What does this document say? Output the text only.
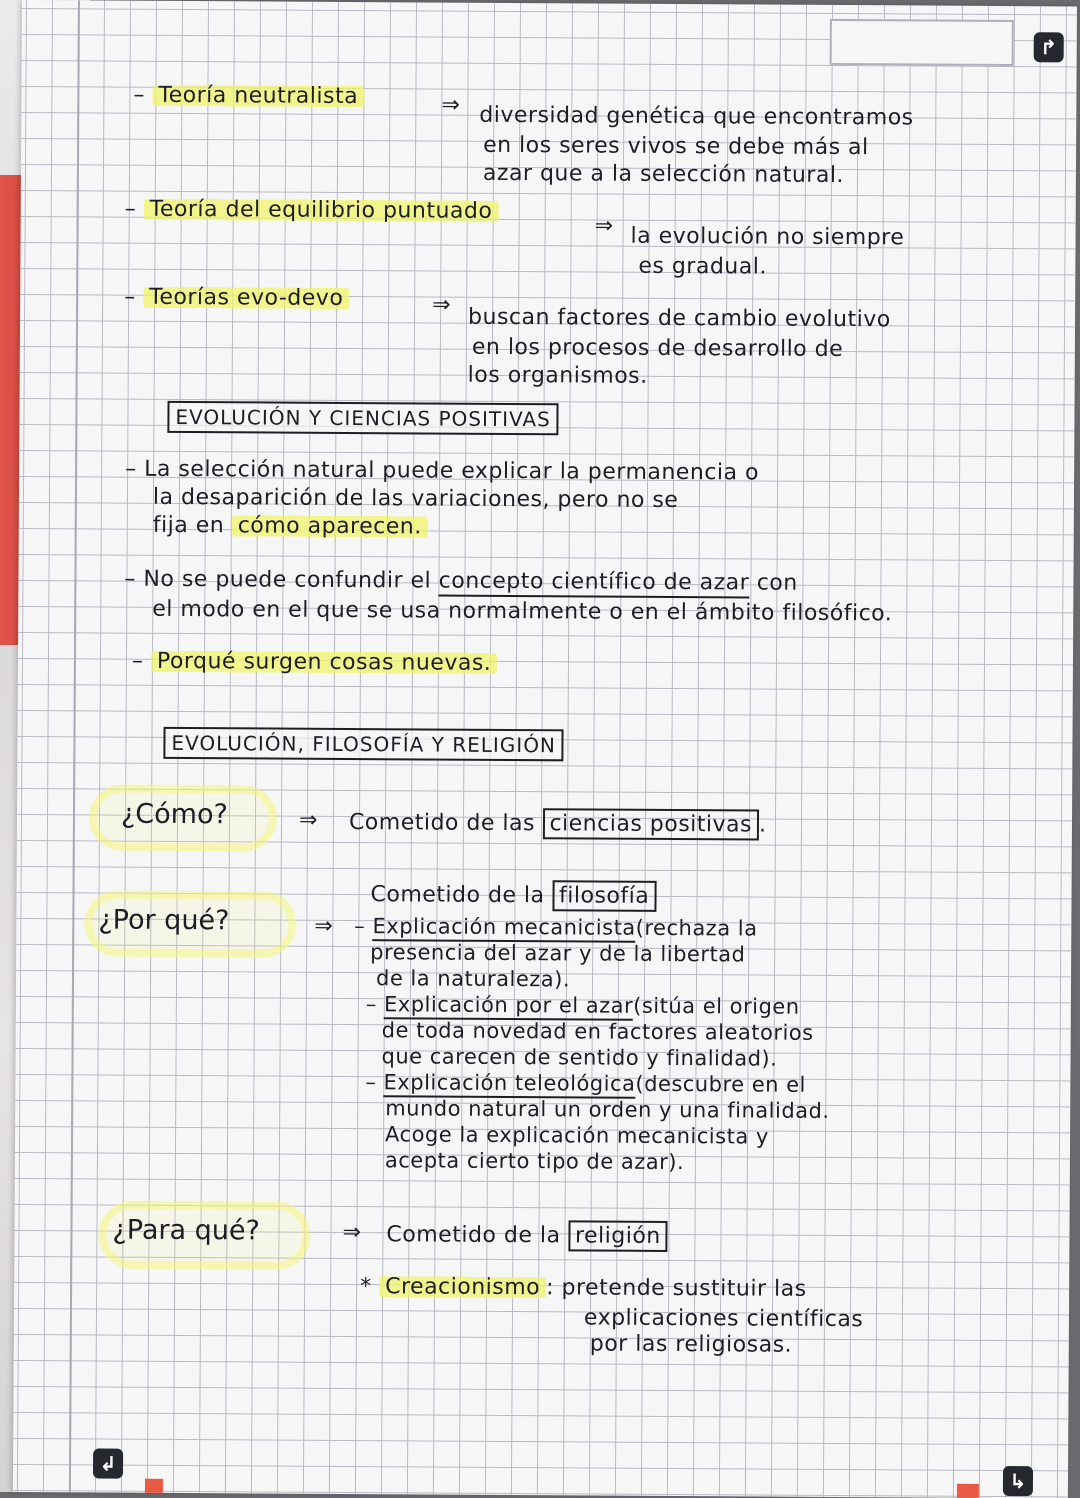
↱
– Teoría neutralista	⇒ diversidad genética que encontramos
en los seres vivos se debe más al
azar que a la selección natural.
– Teoría del equilibrio puntuado
⇒ la evolución no siempre
es gradual.
– Teorías evo-devo	⇒ buscan factores de cambio evolutivo
en los procesos de desarrollo de
los organismos.
EVOLUCIÓN Y CIENCIAS POSITIVAS
– La selección natural puede explicar la permanencia o
la desaparición de las variaciones, pero no se
fija en cómo aparecen.
– No se puede confundir el concepto científico de azar con
el modo en el que se usa normalmente o en el ámbito filosófico.
– Porqué surgen cosas nuevas.
EVOLUCIÓN, FILOSOFÍA Y RELIGIÓN
¿Cómo?	⇒ Cometido de las ciencias positivas .
¿Por qué?
Cometido de la filosofía
⇒ – Explicación mecanicista(rechaza la
presencia del azar y de la libertad
de la naturaleza).
– Explicación por el azar(sitúa el origen
de toda novedad en factores aleatorios
que carecen de sentido y finalidad).
– Explicación teleológica(descubre en el
mundo natural un orden y una finalidad.
Acoge la explicación mecanicista y
acepta cierto tipo de azar).
¿Para qué?	⇒ Cometido de la religión
* Creacionismo : pretende sustituir las
explicaciones científicas
por las religiosas.
↲
↳
